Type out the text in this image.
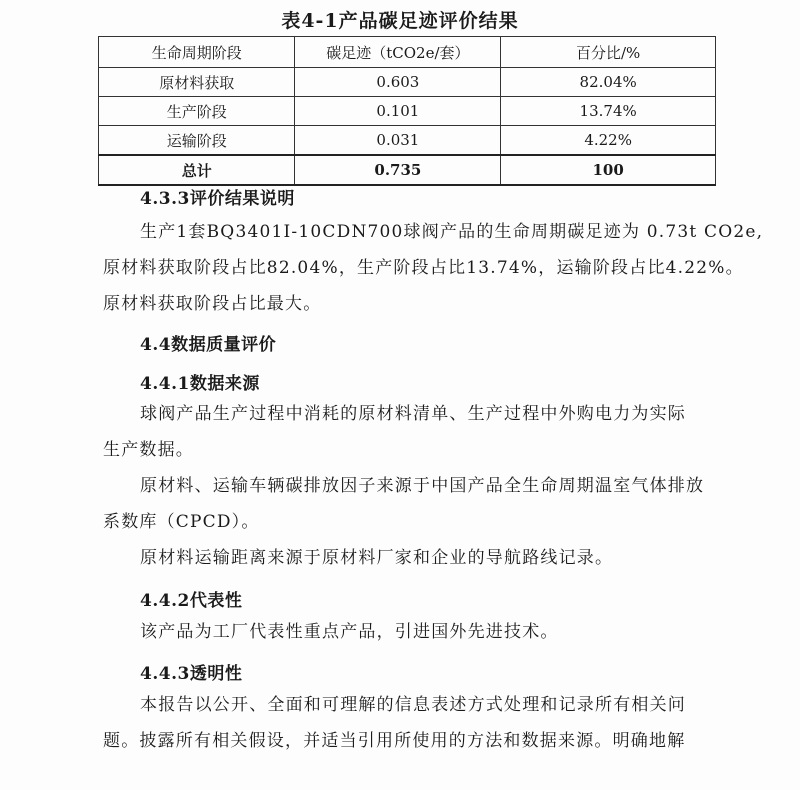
表4-1产品碳足迹评价结果
生命周期阶段	碳足迹（tCO2e/套）	百分比/%
原材料获取	0.603	82.04%
生产阶段	0.101	13.74%
运输阶段	0.031	4.22%
总计	0.735	100
4.3.3评价结果说明
生产1套BQ3401I-10CDN700球阀产品的生命周期碳足迹为 0.73t CO2e,
原材料获取阶段占比82.04%，生产阶段占比13.74%，运输阶段占比4.22%。
原材料获取阶段占比最大。
4.4数据质量评价
4.4.1数据来源
球阀产品生产过程中消耗的原材料清单、生产过程中外购电力为实际
生产数据。
原材料、运输车辆碳排放因子来源于中国产品全生命周期温室气体排放
系数库（CPCD）。
原材料运输距离来源于原材料厂家和企业的导航路线记录。
4.4.2代表性
该产品为工厂代表性重点产品，引进国外先进技术。
4.4.3透明性
本报告以公开、全面和可理解的信息表述方式处理和记录所有相关问
题。披露所有相关假设，并适当引用所使用的方法和数据来源。明确地解
